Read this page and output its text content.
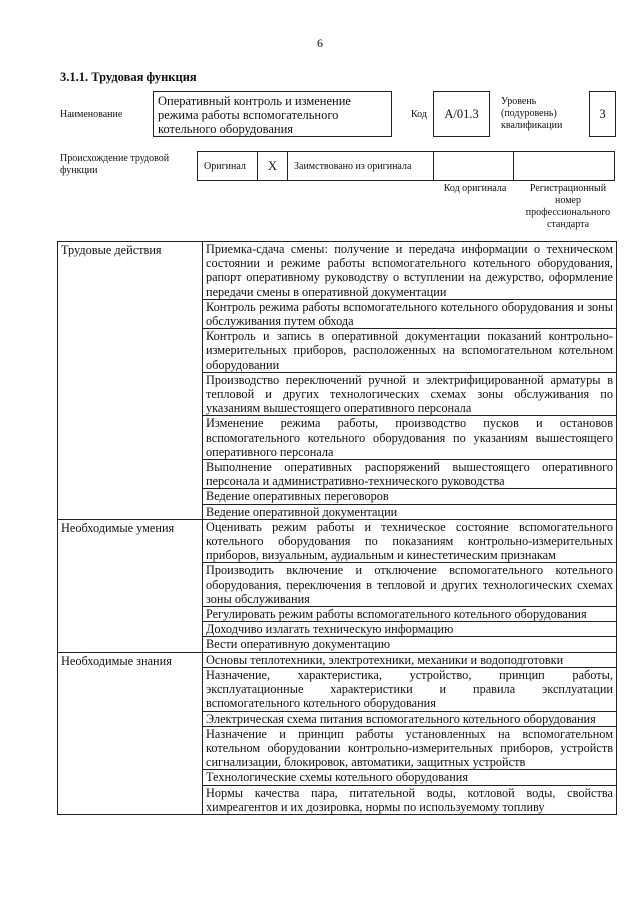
6
3.1.1. Трудовая функция
Наименование
Оперативный контроль и изменение режима работы вспомогательного котельного оборудования
Код	А/01.3
Уровень (подуровень) квалификации
3
Происхождение трудовой функции	Оригинал	X	Заимствовано из оригинала
Код оригинала	Регистрационный номер профессионального стандарта
Трудовые действия	Приемка-сдача смены: получение и передача информации о техническом состоянии и режиме работы вспомогательного котельного оборудования, рапорт оперативному руководству о вступлении на дежурство, оформление передачи смены в оперативной документации
	Контроль режима работы вспомогательного котельного оборудования и зоны обслуживания путем обхода
	Контроль и запись в оперативной документации показаний контрольно-измерительных приборов, расположенных на вспомогательном котельном оборудовании
	Производство переключений ручной и электрифицированной арматуры в тепловой и других технологических схемах зоны обслуживания по указаниям вышестоящего оперативного персонала
	Изменение режима работы, производство пусков и остановов вспомогательного котельного оборудования по указаниям вышестоящего оперативного персонала
	Выполнение оперативных распоряжений вышестоящего оперативного персонала и административно-технического руководства
	Ведение оперативных переговоров
	Ведение оперативной документации
Необходимые умения	Оценивать режим работы и техническое состояние вспомогательного котельного оборудования по показаниям контрольно-измерительных приборов, визуальным, аудиальным и кинестетическим признакам
	Производить включение и отключение вспомогательного котельного оборудования, переключения в тепловой и других технологических схемах зоны обслуживания
	Регулировать режим работы вспомогательного котельного оборудования
	Доходчиво излагать техническую информацию
	Вести оперативную документацию
Необходимые знания	Основы теплотехники, электротехники, механики и водоподготовки
	Назначение, характеристика, устройство, принцип работы, эксплуатационные характеристики и правила эксплуатации вспомогательного котельного оборудования
	Электрическая схема питания вспомогательного котельного оборудования
	Назначение и принцип работы установленных на вспомогательном котельном оборудовании контрольно-измерительных приборов, устройств сигнализации, блокировок, автоматики, защитных устройств
	Технологические схемы котельного оборудования
	Нормы качества пара, питательной воды, котловой воды, свойства химреагентов и их дозировка, нормы по используемому топливу
